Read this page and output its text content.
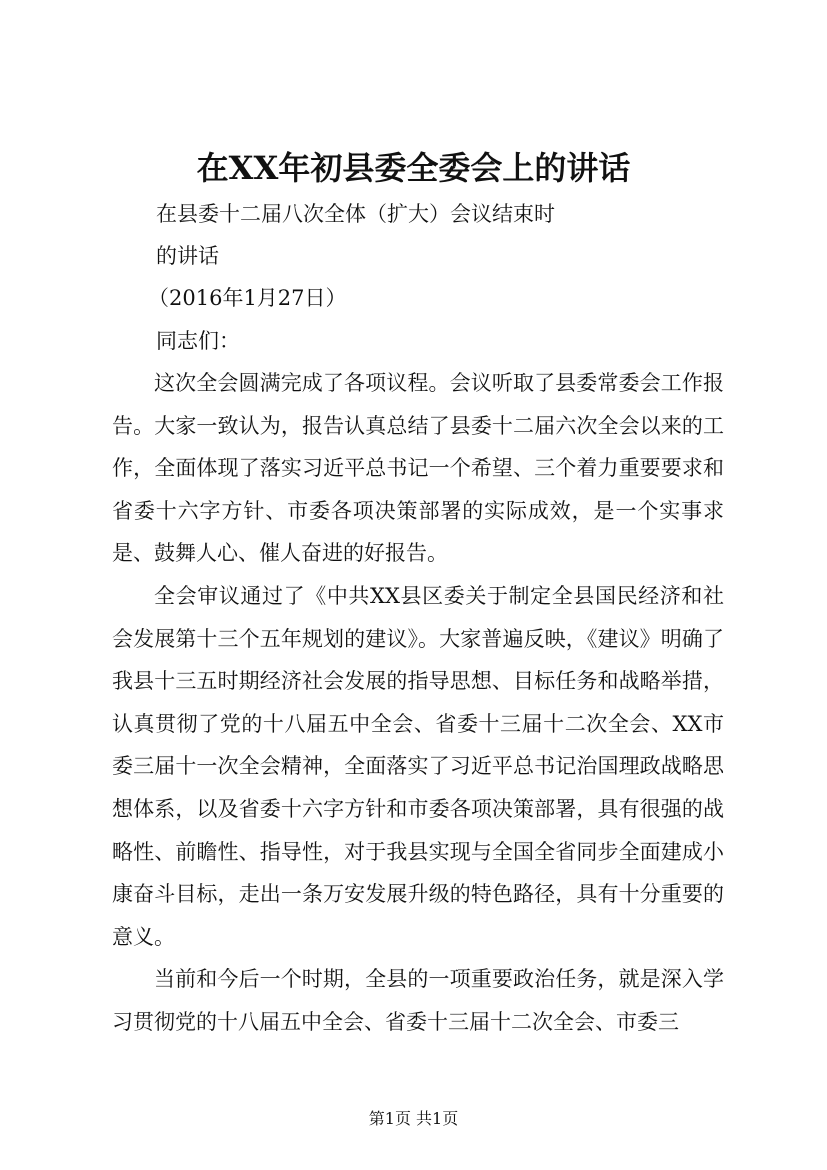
在XX年初县委全委会上的讲话
在县委十二届八次全体（扩大）会议结束时
的讲话
（2016年1月27日）
同志们：

这次全会圆满完成了各项议程。会议听取了县委常委会工作报告。大家一致认为，报告认真总结了县委十二届六次全会以来的工作，全面体现了落实习近平总书记一个希望、三个着力重要要求和省委十六字方针、市委各项决策部署的实际成效，是一个实事求是、鼓舞人心、催人奋进的好报告。

全会审议通过了《中共XX县区委关于制定全县国民经济和社会发展第十三个五年规划的建议》。大家普遍反映，《建议》明确了我县十三五时期经济社会发展的指导思想、目标任务和战略举措，认真贯彻了党的十八届五中全会、省委十三届十二次全会、XX市委三届十一次全会精神，全面落实了习近平总书记治国理政战略思想体系，以及省委十六字方针和市委各项决策部署，具有很强的战略性、前瞻性、指导性，对于我县实现与全国全省同步全面建成小康奋斗目标，走出一条万安发展升级的特色路径，具有十分重要的意义。

当前和今后一个时期，全县的一项重要政治任务，就是深入学习贯彻党的十八届五中全会、省委十三届十二次全会、市委三

第1页 共1页
